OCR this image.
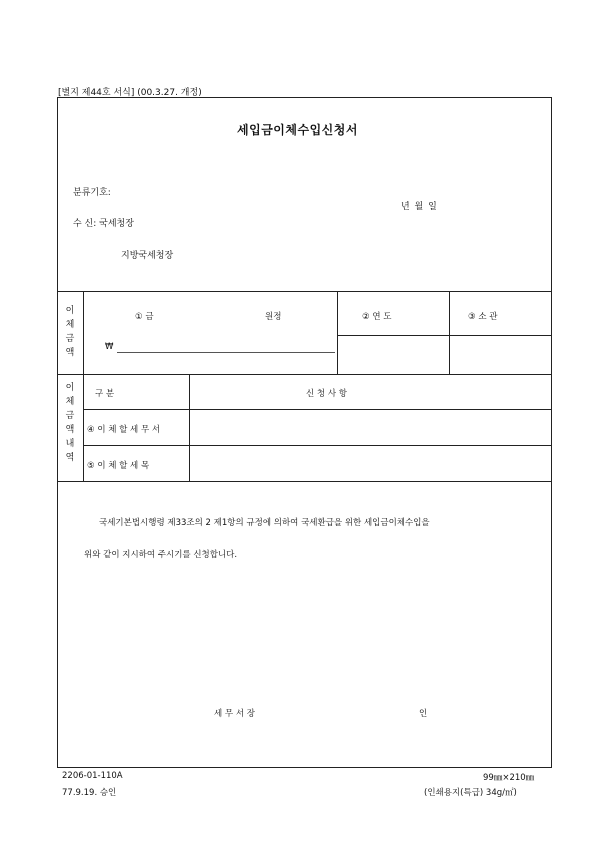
[별지 제44호 서식] (00.3.27. 개정)
세입금이체수입신청서
분류기호:
년 월 일
수 신: 국세청장
지방국세청장
이
체
금
액
① 금	원정
₩
② 연 도	③ 소 관
이
체
금
액
내
역
구 분	신 청 사 항
④ 이 체 할 세 무 서
⑤ 이 체 할 세 목
국세기본법시행령 제33조의 2 제1항의 규정에 의하여 국세환급을 위한 세입금이체수입을
위와 같이 지시하여 주시기를 신청합니다.
세 무 서 장	인
2206-01-110A
77.9.19. 승인
99㎜×210㎜
(인쇄용지(특급) 34g/㎡)
